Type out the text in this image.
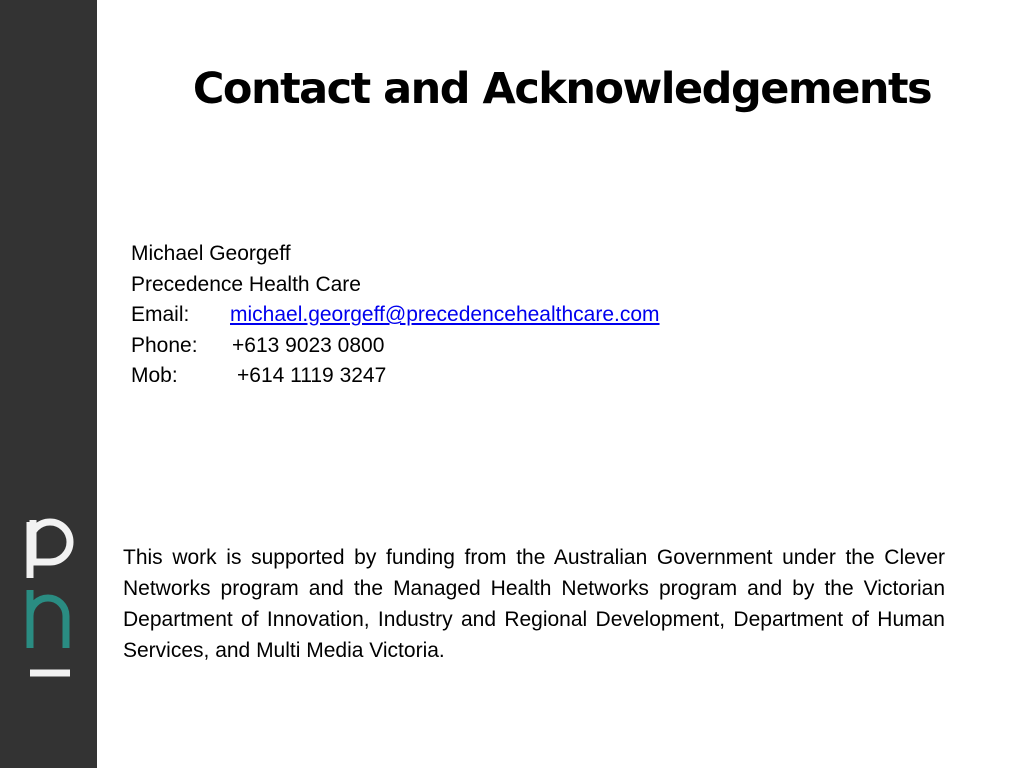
Contact and Acknowledgements
Michael Georgeff
Precedence Health Care
Email: michael.georgeff@precedencehealthcare.com
Phone: +613 9023 0800
Mob:	+614 1119 3247

This work is supported by funding from the Australian Government under the Clever Networks program and the Managed Health Networks program and by the Victorian Department of Innovation, Industry and Regional Development, Department of Human Services, and Multi Media Victoria.
